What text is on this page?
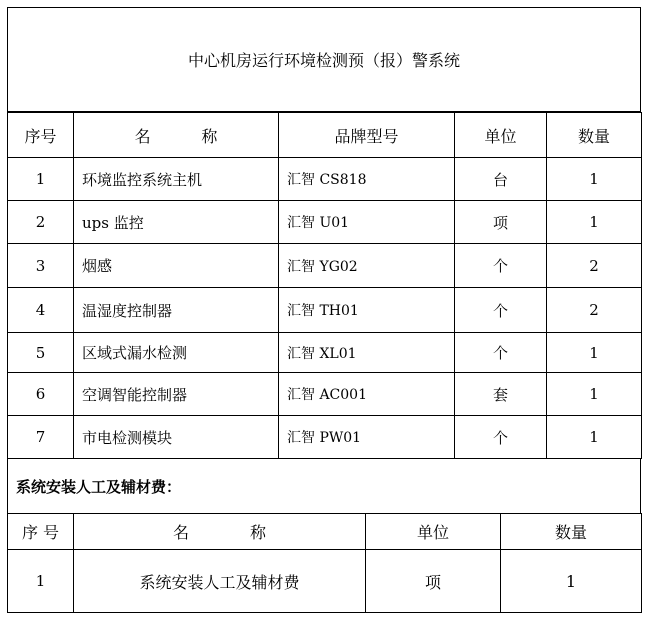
中心机房运行环境检测预（报）警系统
序号	名          称	品牌型号	单位	数量
1	环境监控系统主机	汇智 CS818	台	1
2	ups 监控	汇智 U01	项	1
3	烟感	汇智 YG02	个	2
4	温湿度控制器	汇智 TH01	个	2
5	区域式漏水检测	汇智 XL01	个	1
6	空调智能控制器	汇智 AC001	套	1
7	市电检测模块	汇智 PW01	个	1
系统安装人工及辅材费：
序 号	名            称	单位	数量
1	系统安装人工及辅材费	项	1
